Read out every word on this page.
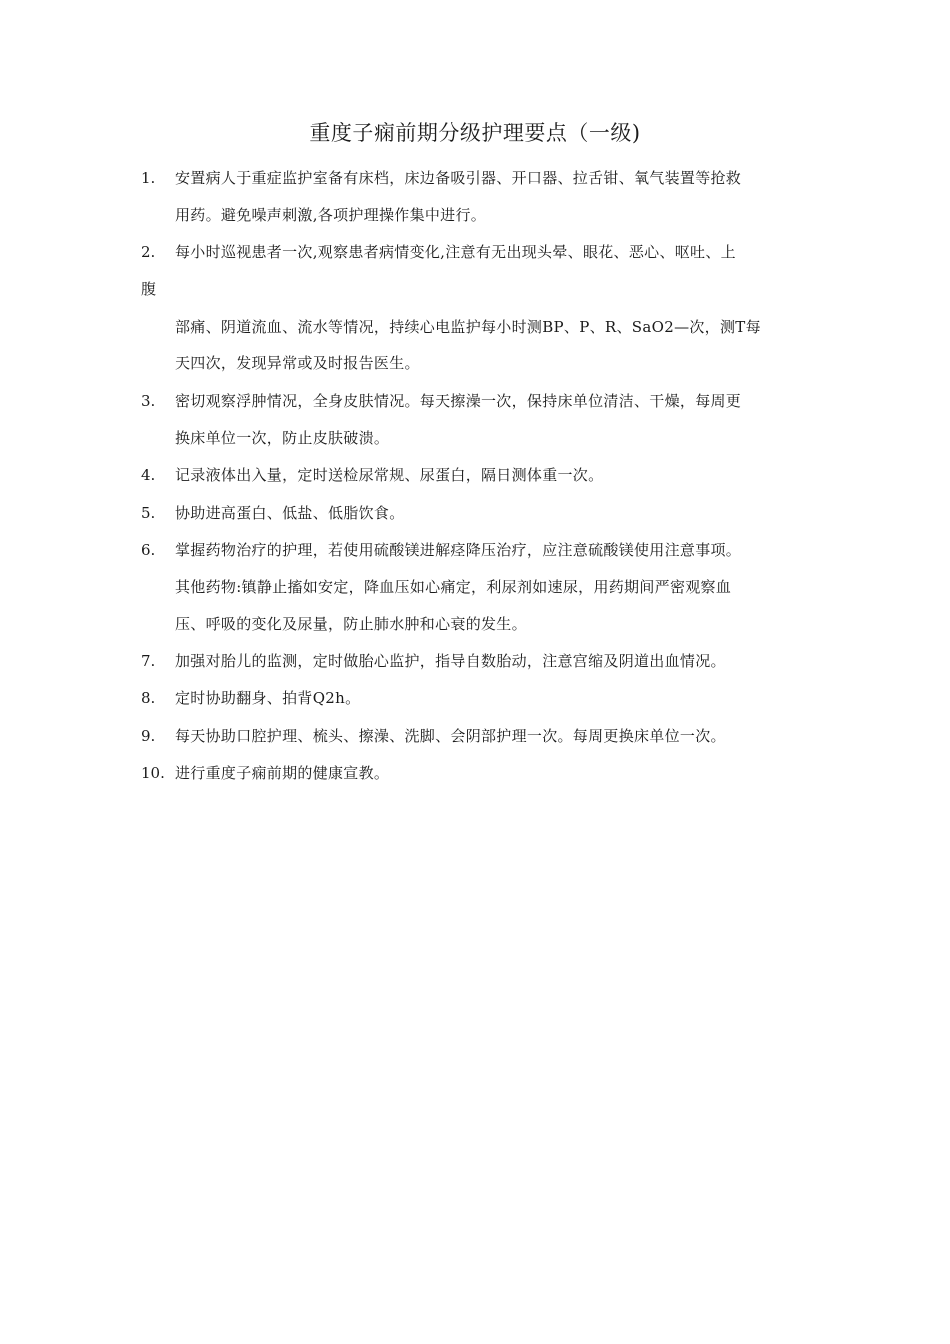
重度子痫前期分级护理要点（一级)
1. 安置病人于重症监护室备有床档，床边备吸引器、开口器、拉舌钳、氧气装置等抢救
用药。避免噪声刺激,各项护理操作集中进行。
2. 每小时巡视患者一次,观察患者病情变化,注意有无出现头晕、眼花、恶心、呕吐、上
腹
部痛、阴道流血、流水等情况，持续心电监护每小时测BP、P、R、SaO2—次，测T每
天四次，发现异常或及时报告医生。
3. 密切观察浮肿情况，全身皮肤情况。每天擦澡一次，保持床单位清洁、干燥，每周更
换床单位一次，防止皮肤破溃。
4. 记录液体出入量，定时送检尿常规、尿蛋白，隔日测体重一次。
5. 协助进高蛋白、低盐、低脂饮食。
6. 掌握药物治疗的护理，若使用硫酸镁进解痉降压治疗，应注意硫酸镁使用注意事项。
其他药物:镇静止搐如安定，降血压如心痛定，利尿剂如速尿，用药期间严密观察血
压、呼吸的变化及尿量，防止肺水肿和心衰的发生。
7. 加强对胎儿的监测，定时做胎心监护，指导自数胎动，注意宫缩及阴道出血情况。
8. 定时协助翻身、拍背Q2h。
9. 每天协助口腔护理、梳头、擦澡、洗脚、会阴部护理一次。每周更换床单位一次。
10. 进行重度子痫前期的健康宣教。
